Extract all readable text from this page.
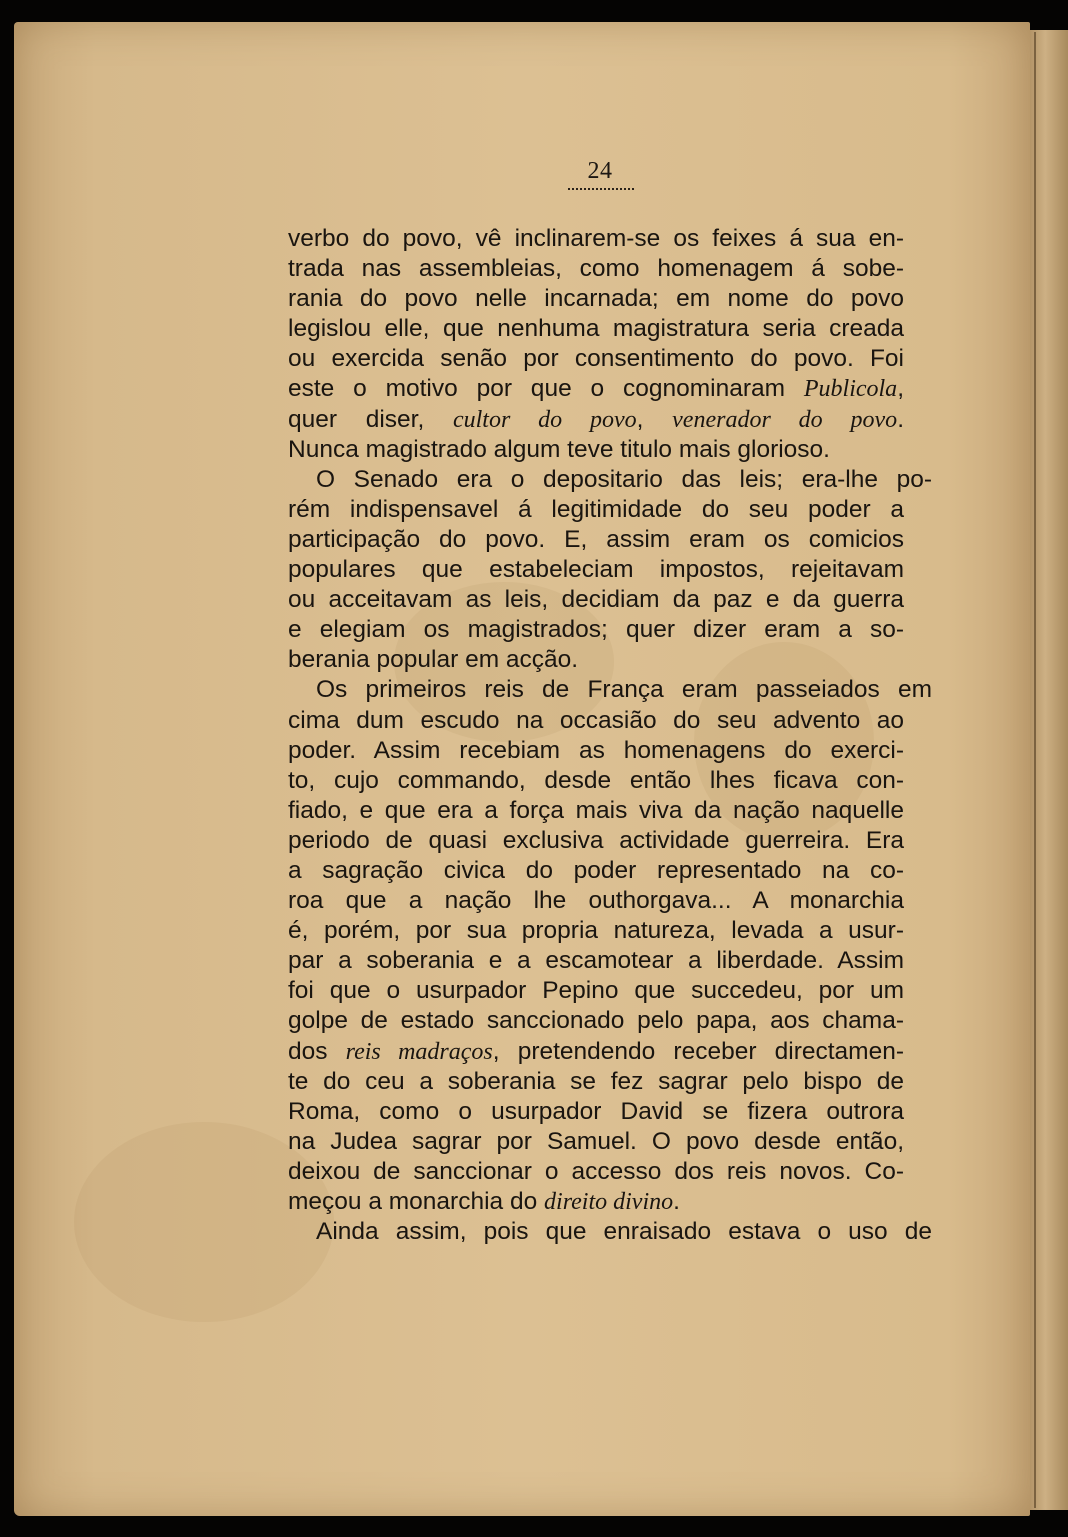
24
verbo do povo, vê inclinarem-se os feixes á sua en-
trada nas assembleias, como homenagem á sobe-
rania do povo nelle incarnada; em nome do povo
legislou elle, que nenhuma magistratura seria creada
ou exercida senão por consentimento do povo. Foi
este o motivo por que o cognominaram Publicola,
quer diser, cultor do povo, venerador do povo.
Nunca magistrado algum teve titulo mais glorioso.
O Senado era o depositario das leis; era-lhe po-
rém indispensavel á legitimidade do seu poder a
participação do povo. E, assim eram os comicios
populares que estabeleciam impostos, rejeitavam
ou acceitavam as leis, decidiam da paz e da guerra
e elegiam os magistrados; quer dizer eram a so-
berania popular em acção.
Os primeiros reis de França eram passeiados em
cima dum escudo na occasião do seu advento ao
poder. Assim recebiam as homenagens do exerci-
to, cujo commando, desde então lhes ficava con-
fiado, e que era a força mais viva da nação naquelle
periodo de quasi exclusiva actividade guerreira. Era
a sagração civica do poder representado na co-
roa que a nação lhe outhorgava... A monarchia
é, porém, por sua propria natureza, levada a usur-
par a soberania e a escamotear a liberdade. Assim
foi que o usurpador Pepino que succedeu, por um
golpe de estado sanccionado pelo papa, aos chama-
dos reis madraços, pretendendo receber directamen-
te do ceu a soberania se fez sagrar pelo bispo de
Roma, como o usurpador David se fizera outrora
na Judea sagrar por Samuel. O povo desde então,
deixou de sanccionar o accesso dos reis novos. Co-
meçou a monarchia do direito divino.
Ainda assim, pois que enraisado estava o uso de
